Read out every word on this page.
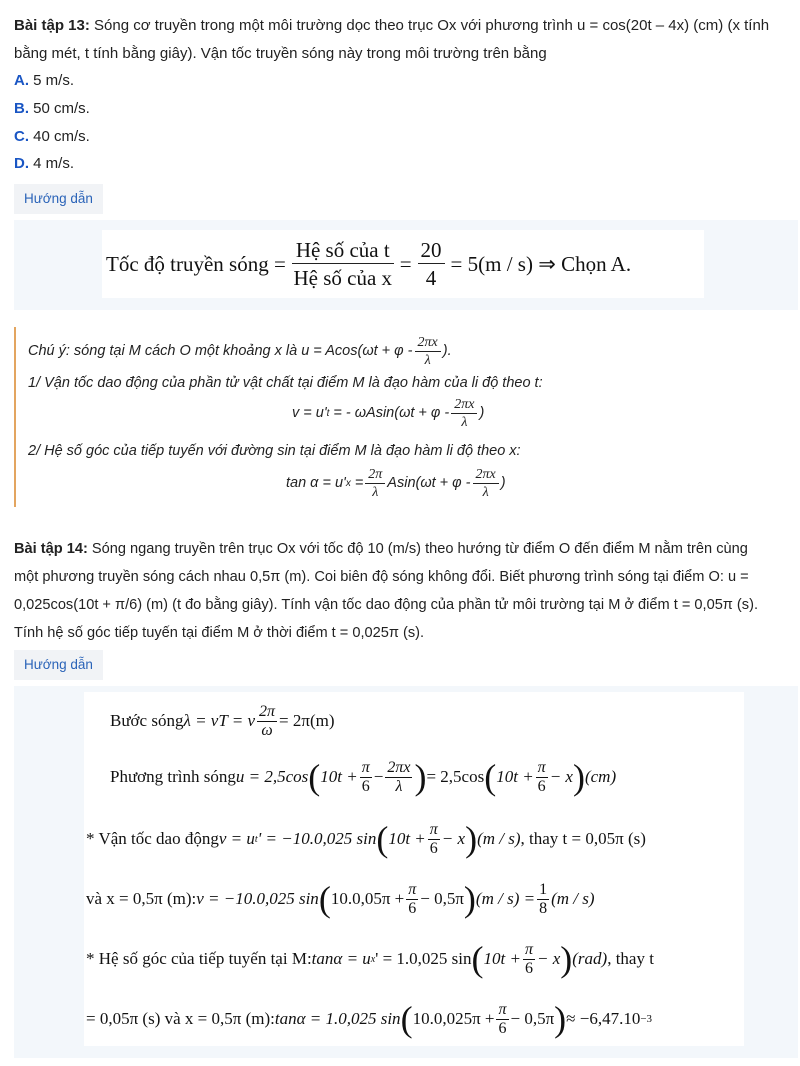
Bài tập 13: Sóng cơ truyền trong một môi trường dọc theo trục Ox với phương trình u = cos(20t – 4x) (cm) (x tính
bằng mét, t tính bằng giây). Vận tốc truyền sóng này trong môi trường trên bằng
A. 5 m/s.
B. 50 cm/s.
C. 40 cm/s.
D. 4 m/s.
Hướng dẫn
Tốc độ truyền sóng =
Hệ số của t
Hệ số của x
= $\frac{20}{4} = 5(m / s)$ ⇒ Chọn A.
Chú ý: sóng tại M cách O một khoảng x là u = Acos(ωt + φ -
2πx
λ
).
1/ Vận tốc dao động của phần tử vật chất tại điểm M là đạo hàm của li độ theo t:
v = u' t = - ωAsin(ωt + φ -
2πx
λ
)
2/ Hệ số góc của tiếp tuyến với đường sin tại điểm M là đạo hàm li độ theo x:
tan α = u' $x = \frac{2\pi}{\lambda} Asin(\omega t + \varphi$ -
2πx
λ
)
Bài tập 14: Sóng ngang truyền trên trục Ox với tốc độ 10 (m/s) theo hướng từ điểm O đến điểm M nằm trên cùng
một phương truyền sóng cách nhau 0,5π (m). Coi biên độ sóng không đổi. Biết phương trình sóng tại điểm O: u =
0,025cos(10t + π/6) (m) (t đo bằng giây). Tính vận tốc dao động của phần tử môi trường tại M ở điểm t = 0,05π (s).
Tính hệ số góc tiếp tuyến tại điểm M ở thời điểm t = 0,025π (s).
Hướng dẫn
Bước sóng λ = vT = v $\frac{2\pi}{\omega} = 2\pi(m)$
Phương trình sóng u = 2,5cos ( $10t + \frac{\pi}{6} - \frac{2\pi x}{\lambda}$ ) = 2,5cos ( $10t + \frac{\pi}{6} - x$ ) (cm)
* Vận tốc dao động v = u t ' = −10.0,025 sin ( $10t + \frac{\pi}{6} - x$ ) (m / s) , thay t = 0,05π (s)
và x = 0,5π (m): v = −10.0,025 sin ( $10.0,05\pi + \frac{\pi}{6} - 0,5\pi$ ) $(m / s) = \frac{1}{8} (m / s)$
* Hệ số góc của tiếp tuyến tại M: tanα = u x ' = 1.0,025 sin ( $10t + \frac{\pi}{6} - x$ ) (rad) , thay t
= 0,05π (s) và x = 0,5π (m): tanα = 1.0,025 sin ( $10.0,025\pi + \frac{\pi}{6} - 0,5\pi$ ) ≈ −6,47.10 −3
